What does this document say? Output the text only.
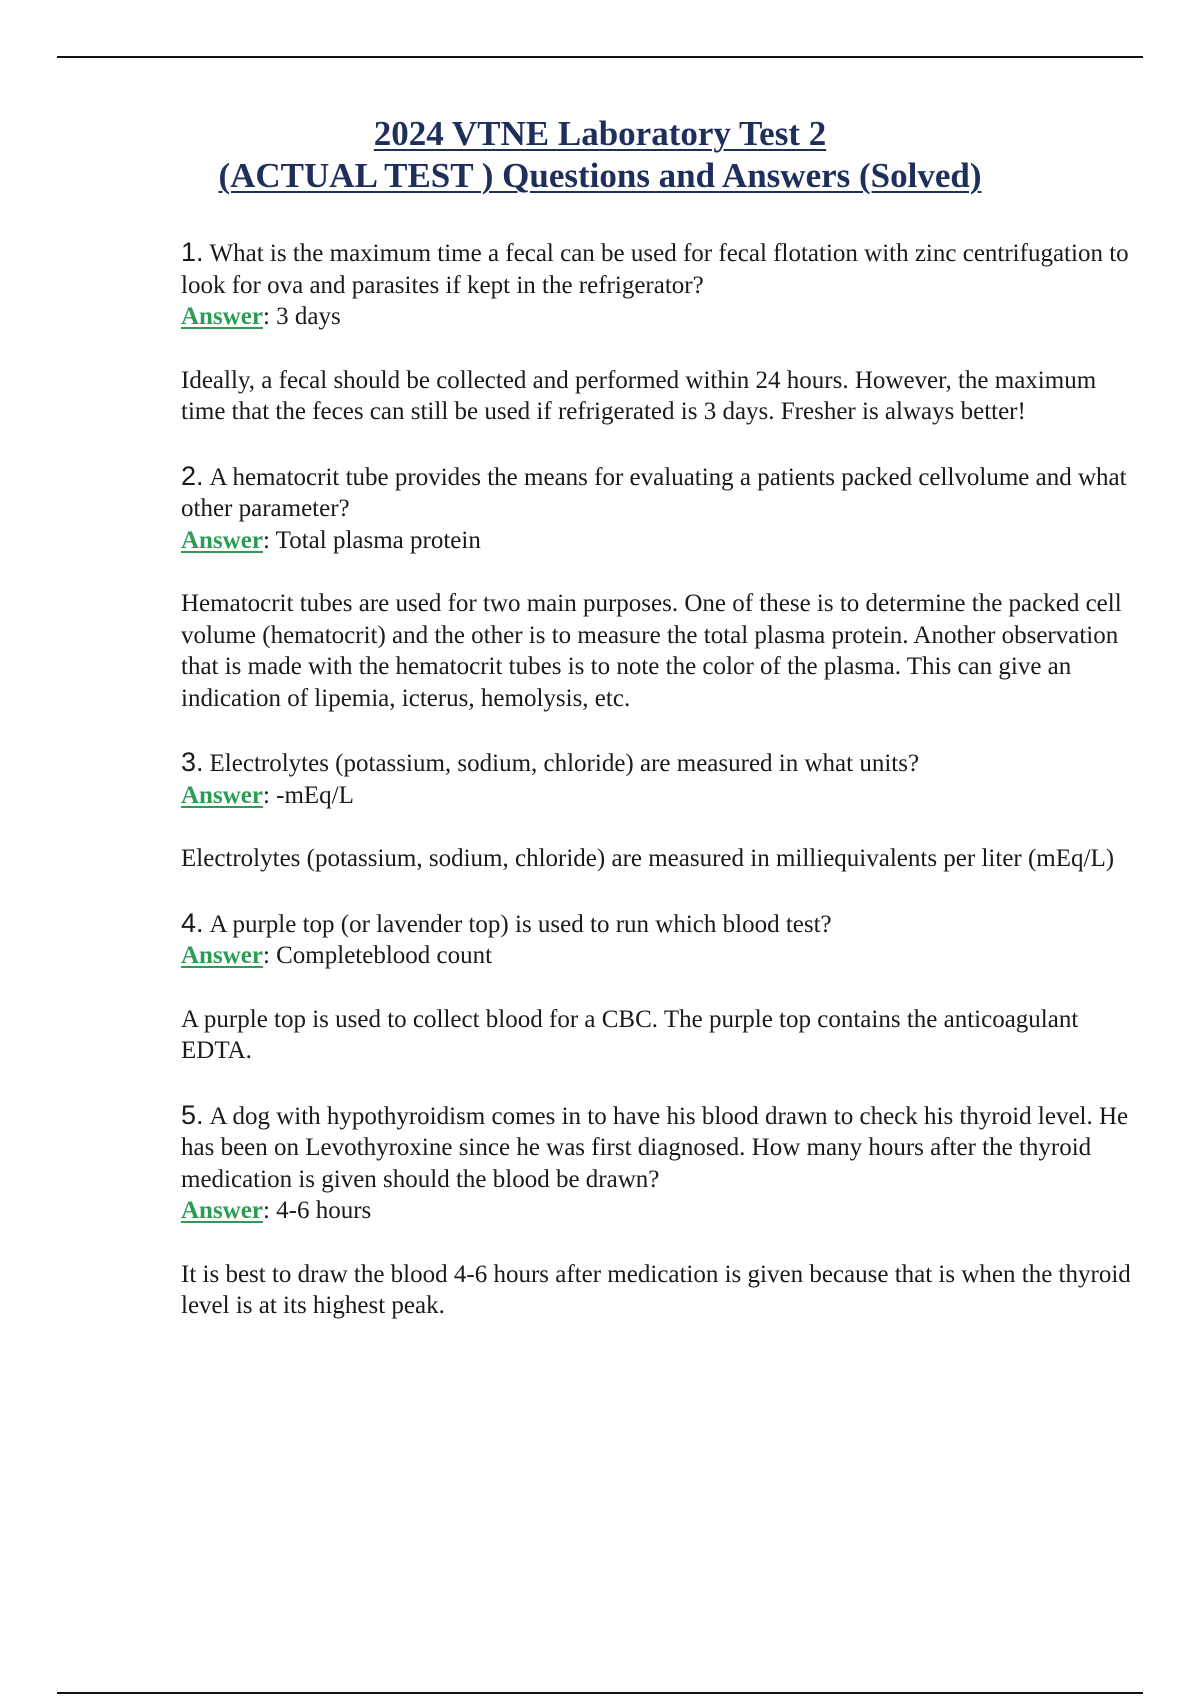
2024 VTNE Laboratory Test 2
(ACTUAL TEST ) Questions and Answers (Solved)

1. What is the maximum time a fecal can be used for fecal flotation with zinc centrifugation to look for ova and parasites if kept in the refrigerator?

Answer: 3 days

Ideally, a fecal should be collected and performed within 24 hours. However, the maximum time that the feces can still be used if refrigerated is 3 days. Fresher is always better!

2. A hematocrit tube provides the means for evaluating a patients packed cellvolume and what other parameter?

Answer: Total plasma protein

Hematocrit tubes are used for two main purposes. One of these is to determine the packed cell volume (hematocrit) and the other is to measure the total plasma protein. Another observation that is made with the hematocrit tubes is to note the color of the plasma. This can give an indication of lipemia, icterus, hemolysis, etc.

3. Electrolytes (potassium, sodium, chloride) are measured in what units?

Answer: -mEq/L

Electrolytes (potassium, sodium, chloride) are measured in milliequivalents per liter (mEq/L)

4. A purple top (or lavender top) is used to run which blood test?

Answer: Completeblood count

A purple top is used to collect blood for a CBC. The purple top contains the anticoagulant EDTA.

5. A dog with hypothyroidism comes in to have his blood drawn to check his thyroid level. He has been on Levothyroxine since he was first diagnosed. How many hours after the thyroid medication is given should the blood be drawn?

Answer: 4-6 hours

It is best to draw the blood 4-6 hours after medication is given because that is when the thyroid level is at its highest peak.
